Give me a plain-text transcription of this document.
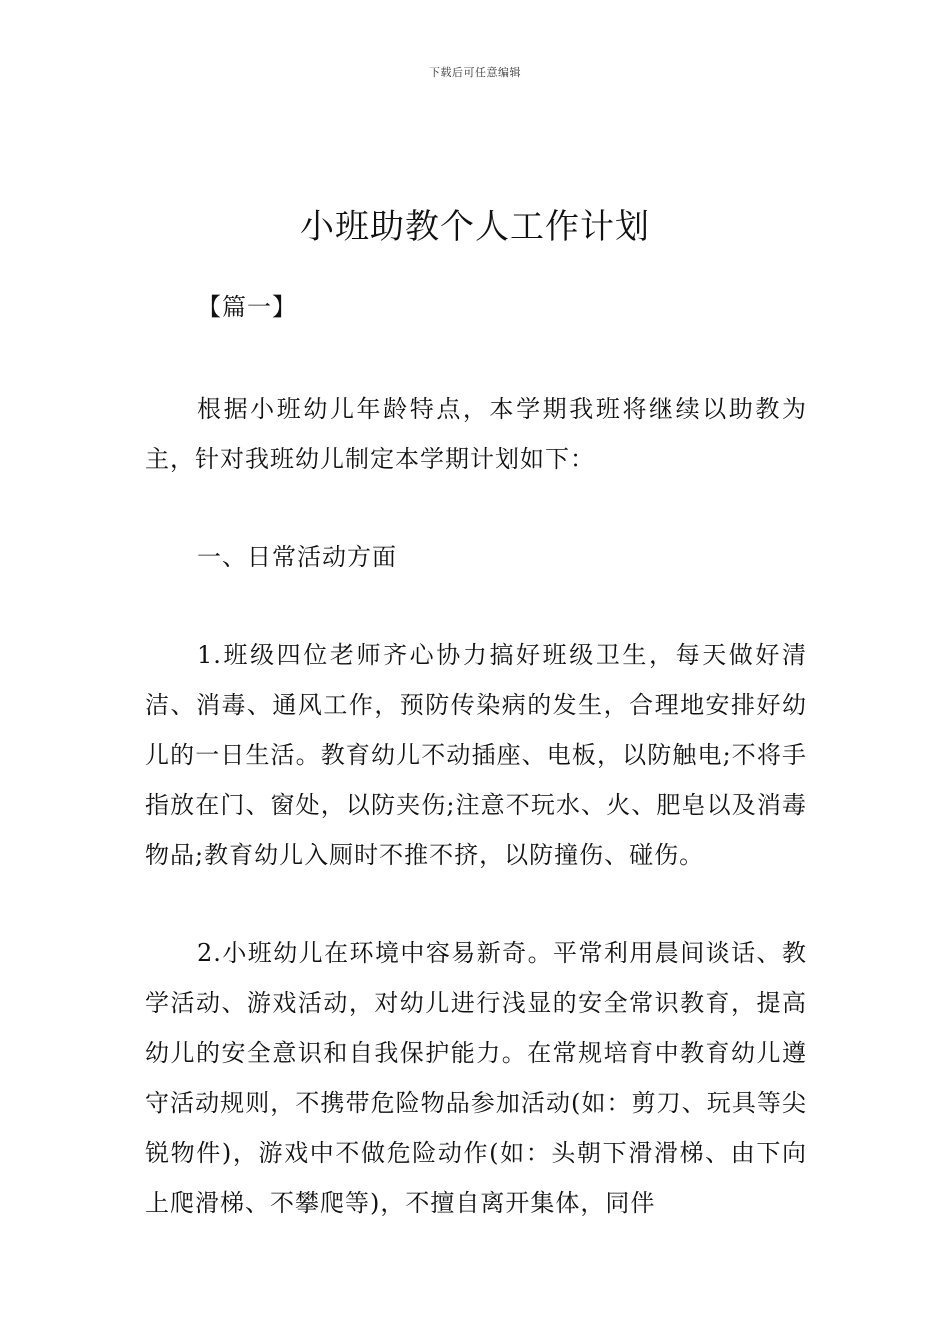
下载后可任意编辑
小班助教个人工作计划

【篇一】

根据小班幼儿年龄特点，本学期我班将继续以助教为主，针对我班幼儿制定本学期计划如下：

一、日常活动方面

1.班级四位老师齐心协力搞好班级卫生，每天做好清洁、消毒、通风工作，预防传染病的发生，合理地安排好幼儿的一日生活。教育幼儿不动插座、电板，以防触电;不将手指放在门、窗处，以防夹伤;注意不玩水、火、肥皂以及消毒物品;教育幼儿入厕时不推不挤，以防撞伤、碰伤。

2.小班幼儿在环境中容易新奇。平常利用晨间谈话、教学活动、游戏活动，对幼儿进行浅显的安全常识教育，提高幼儿的安全意识和自我保护能力。在常规培育中教育幼儿遵守活动规则，不携带危险物品参加活动(如：剪刀、玩具等尖锐物件)，游戏中不做危险动作(如：头朝下滑滑梯、由下向上爬滑梯、不攀爬等)，不擅自离开集体，同伴
